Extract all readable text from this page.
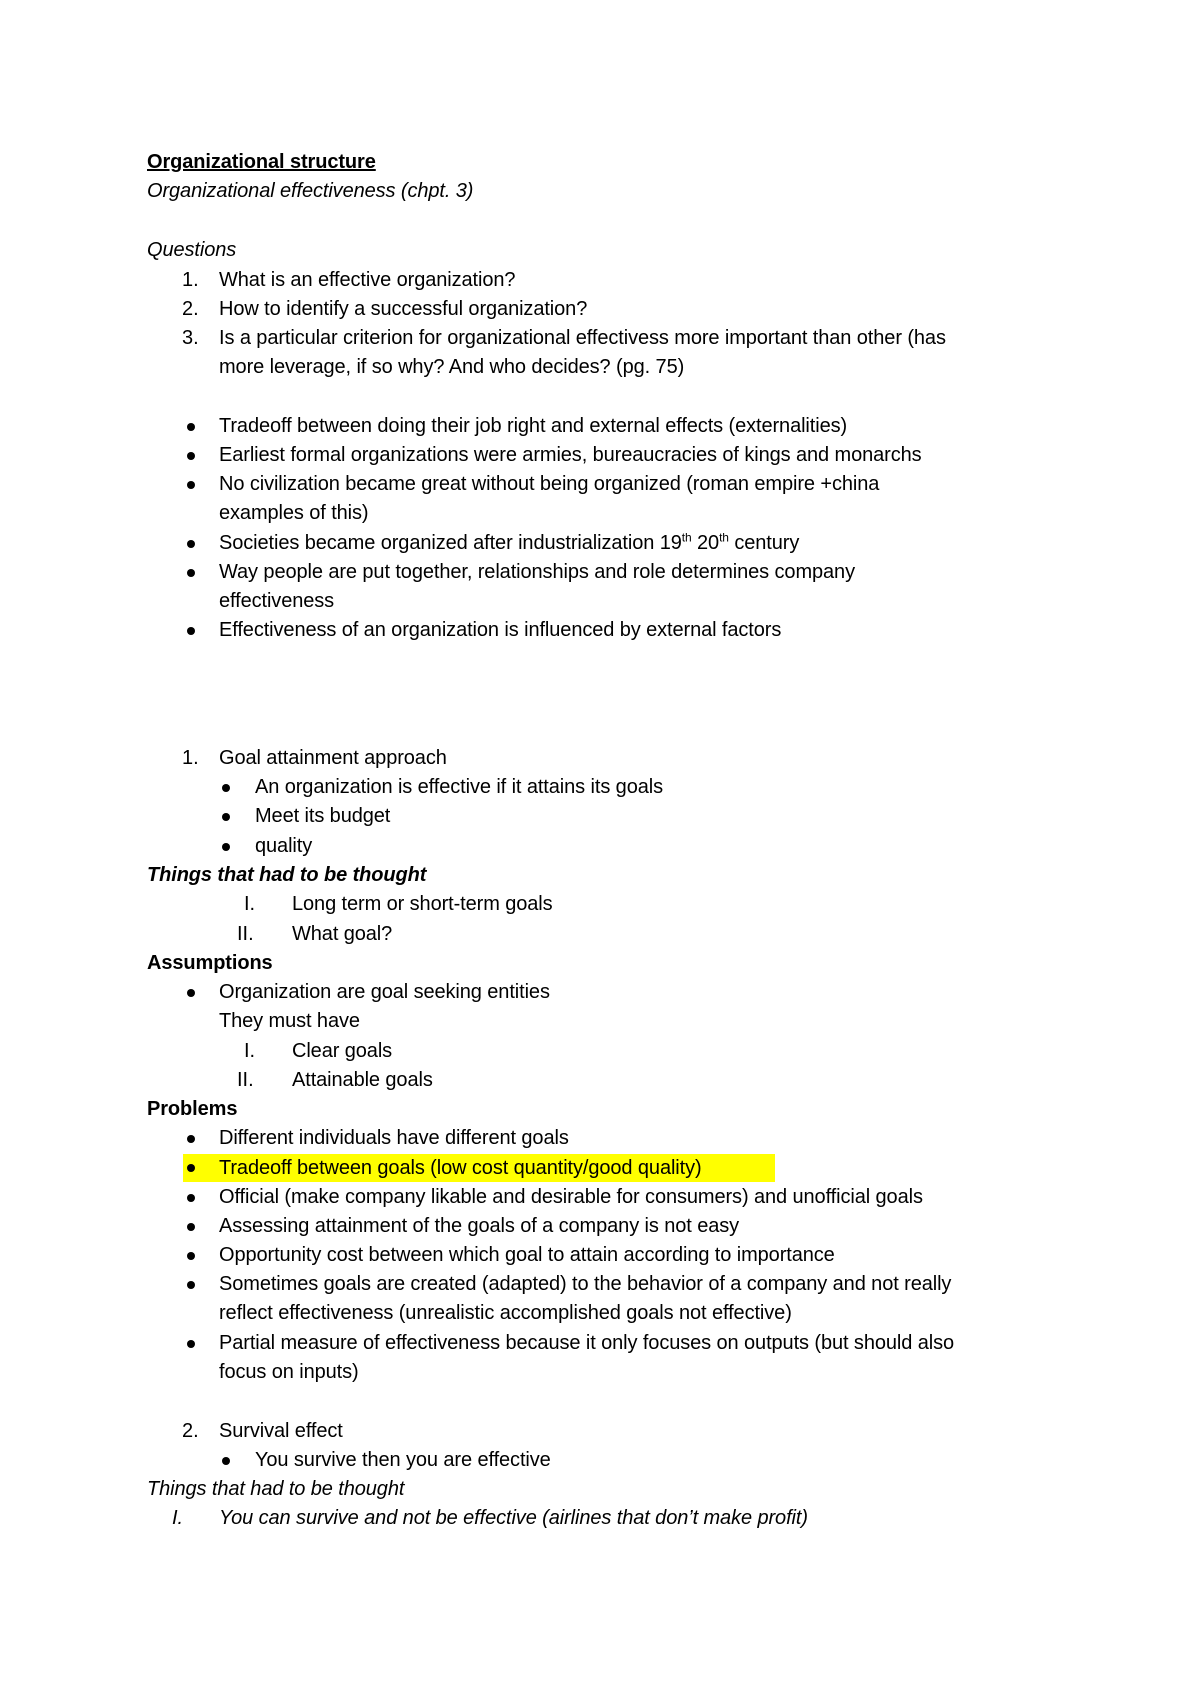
Organizational structure
Organizational effectiveness (chpt. 3)
Questions
1. What is an effective organization?
2. How to identify a successful organization?
3. Is a particular criterion for organizational effectivess more important than other (has
more leverage, if so why? And who decides? (pg. 75)
Tradeoff between doing their job right and external effects (externalities)
Earliest formal organizations were armies, bureaucracies of kings and monarchs
No civilization became great without being organized (roman empire +china
examples of this)
Societies became organized after industrialization 19th 20th century
Way people are put together, relationships and role determines company
effectiveness
Effectiveness of an organization is influenced by external factors
1. Goal attainment approach
An organization is effective if it attains its goals
Meet its budget
quality
Things that had to be thought
I. Long term or short-term goals
II. What goal?
Assumptions
Organization are goal seeking entities
They must have
I. Clear goals
II. Attainable goals
Problems
Different individuals have different goals
Tradeoff between goals (low cost quantity/good quality)
Official (make company likable and desirable for consumers) and unofficial goals
Assessing attainment of the goals of a company is not easy
Opportunity cost between which goal to attain according to importance
Sometimes goals are created (adapted) to the behavior of a company and not really
reflect effectiveness (unrealistic accomplished goals not effective)
Partial measure of effectiveness because it only focuses on outputs (but should also
focus on inputs)
2. Survival effect
You survive then you are effective
Things that had to be thought
I. You can survive and not be effective (airlines that don’t make profit)
